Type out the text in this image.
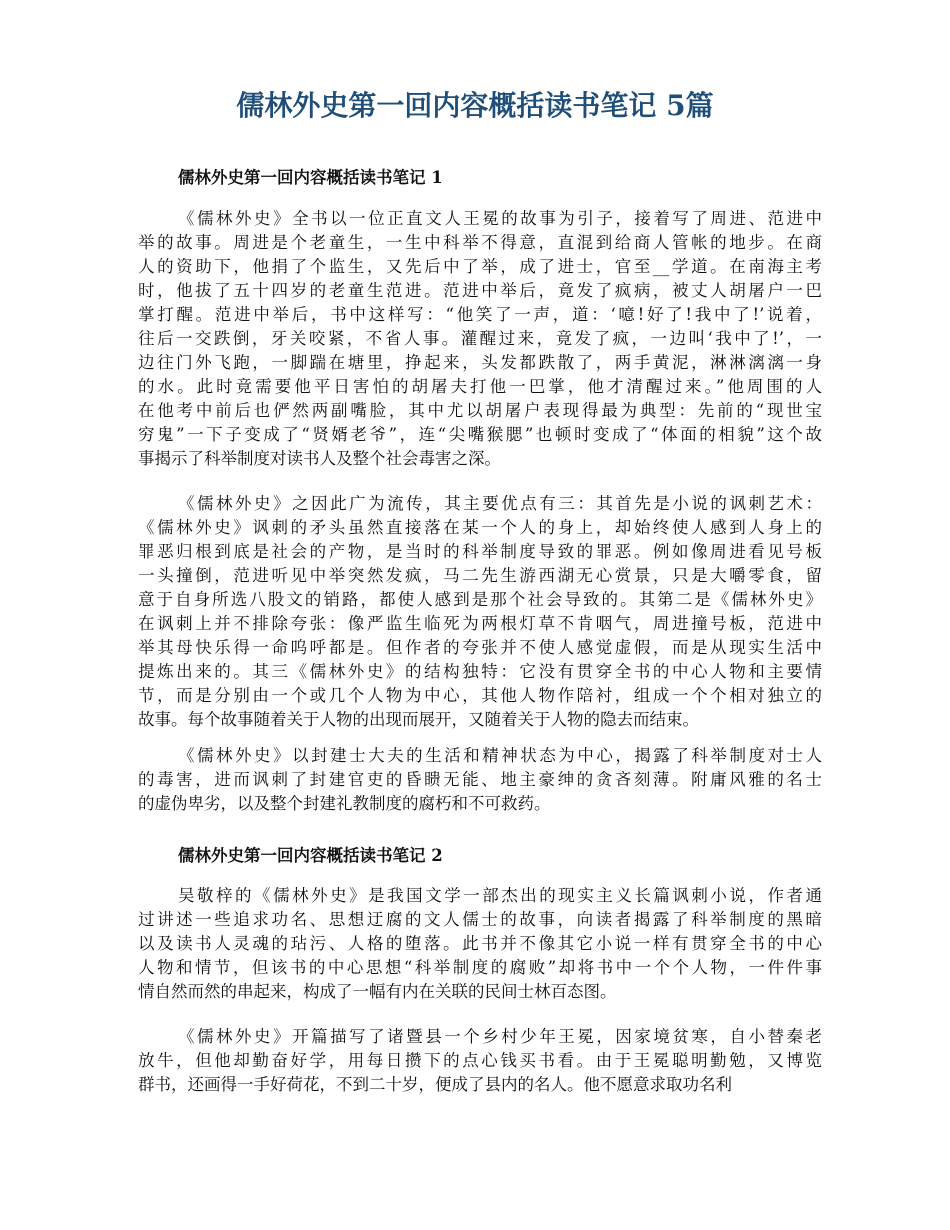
儒林外史第一回内容概括读书笔记 5篇
儒林外史第一回内容概括读书笔记 1
《儒林外史》全书以一位正直文人王冕的故事为引子，接着写了周进、范进中
举的故事。周进是个老童生，一生中科举不得意，直混到给商人管帐的地步。在商
人的资助下，他捐了个监生，又先后中了举，成了进士，官至__学道。在南海主考
时，他拔了五十四岁的老童生范进。范进中举后，竟发了疯病，被丈人胡屠户一巴
掌打醒。范进中举后，书中这样写：“他笑了一声，道：‘噫!好了!我中了!’说着，
往后一交跌倒，牙关咬紧，不省人事。灌醒过来，竟发了疯，一边叫‘我中了!’，一
边往门外飞跑，一脚踹在塘里，挣起来，头发都跌散了，两手黄泥，淋淋漓漓一身
的水。此时竟需要他平日害怕的胡屠夫打他一巴掌，他才清醒过来。”他周围的人
在他考中前后也俨然两副嘴脸，其中尤以胡屠户表现得最为典型：先前的“现世宝
穷鬼”一下子变成了“贤婿老爷”，连“尖嘴猴腮”也顿时变成了“体面的相貌”这个故
事揭示了科举制度对读书人及整个社会毒害之深。
《儒林外史》之因此广为流传，其主要优点有三：其首先是小说的讽刺艺术：
《儒林外史》讽刺的矛头虽然直接落在某一个人的身上，却始终使人感到人身上的
罪恶归根到底是社会的产物，是当时的科举制度导致的罪恶。例如像周进看见号板
一头撞倒，范进听见中举突然发疯，马二先生游西湖无心赏景，只是大嚼零食，留
意于自身所选八股文的销路，都使人感到是那个社会导致的。其第二是《儒林外史》
在讽刺上并不排除夸张：像严监生临死为两根灯草不肯咽气，周进撞号板，范进中
举其母快乐得一命呜呼都是。但作者的夸张并不使人感觉虚假，而是从现实生活中
提炼出来的。其三《儒林外史》的结构独特：它没有贯穿全书的中心人物和主要情
节，而是分别由一个或几个人物为中心，其他人物作陪衬，组成一个个相对独立的
故事。每个故事随着关于人物的出现而展开，又随着关于人物的隐去而结束。
《儒林外史》以封建士大夫的生活和精神状态为中心，揭露了科举制度对士人
的毒害，进而讽刺了封建官吏的昏瞆无能、地主豪绅的贪吝刻薄。附庸风雅的名士
的虚伪卑劣，以及整个封建礼教制度的腐朽和不可救药。
儒林外史第一回内容概括读书笔记 2
吴敬梓的《儒林外史》是我国文学一部杰出的现实主义长篇讽刺小说，作者通
过讲述一些追求功名、思想迂腐的文人儒士的故事，向读者揭露了科举制度的黑暗
以及读书人灵魂的玷污、人格的堕落。此书并不像其它小说一样有贯穿全书的中心
人物和情节，但该书的中心思想“科举制度的腐败”却将书中一个个人物，一件件事
情自然而然的串起来，构成了一幅有内在关联的民间士林百态图。
《儒林外史》开篇描写了诸暨县一个乡村少年王冕，因家境贫寒，自小替秦老
放牛，但他却勤奋好学，用每日攒下的点心钱买书看。由于王冕聪明勤勉，又博览
群书，还画得一手好荷花，不到二十岁，便成了县内的名人。他不愿意求取功名利
